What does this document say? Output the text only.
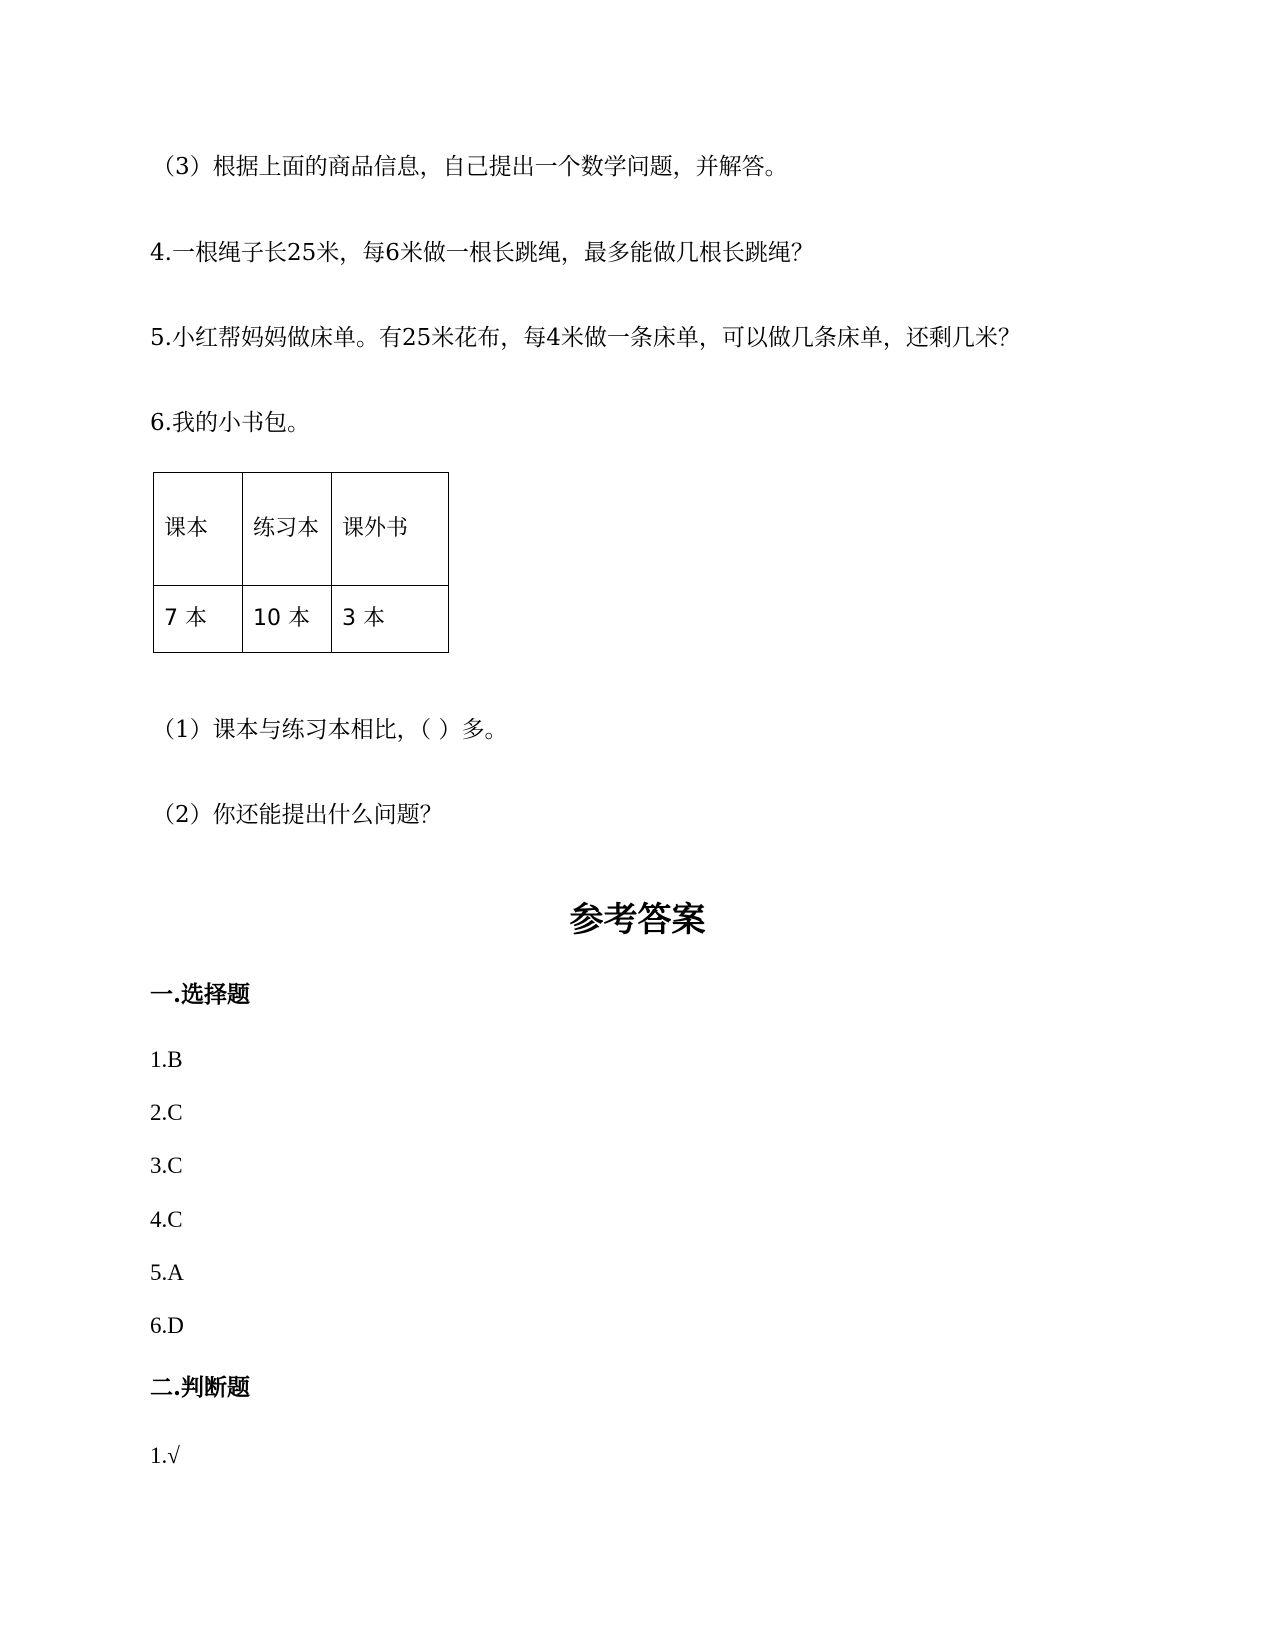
（3）根据上面的商品信息，自己提出一个数学问题，并解答。
4.一根绳子长25米，每6米做一根长跳绳，最多能做几根长跳绳？
5.小红帮妈妈做床单。有25米花布，每4米做一条床单，可以做几条床单，还剩几米？
6.我的小书包。
课本	练习本	课外书
7 本	10 本	3 本
（1）课本与练习本相比，（ ）多。
（2）你还能提出什么问题？
参考答案
一.选择题
1.B
2.C
3.C
4.C
5.A
6.D
二.判断题
1.√
